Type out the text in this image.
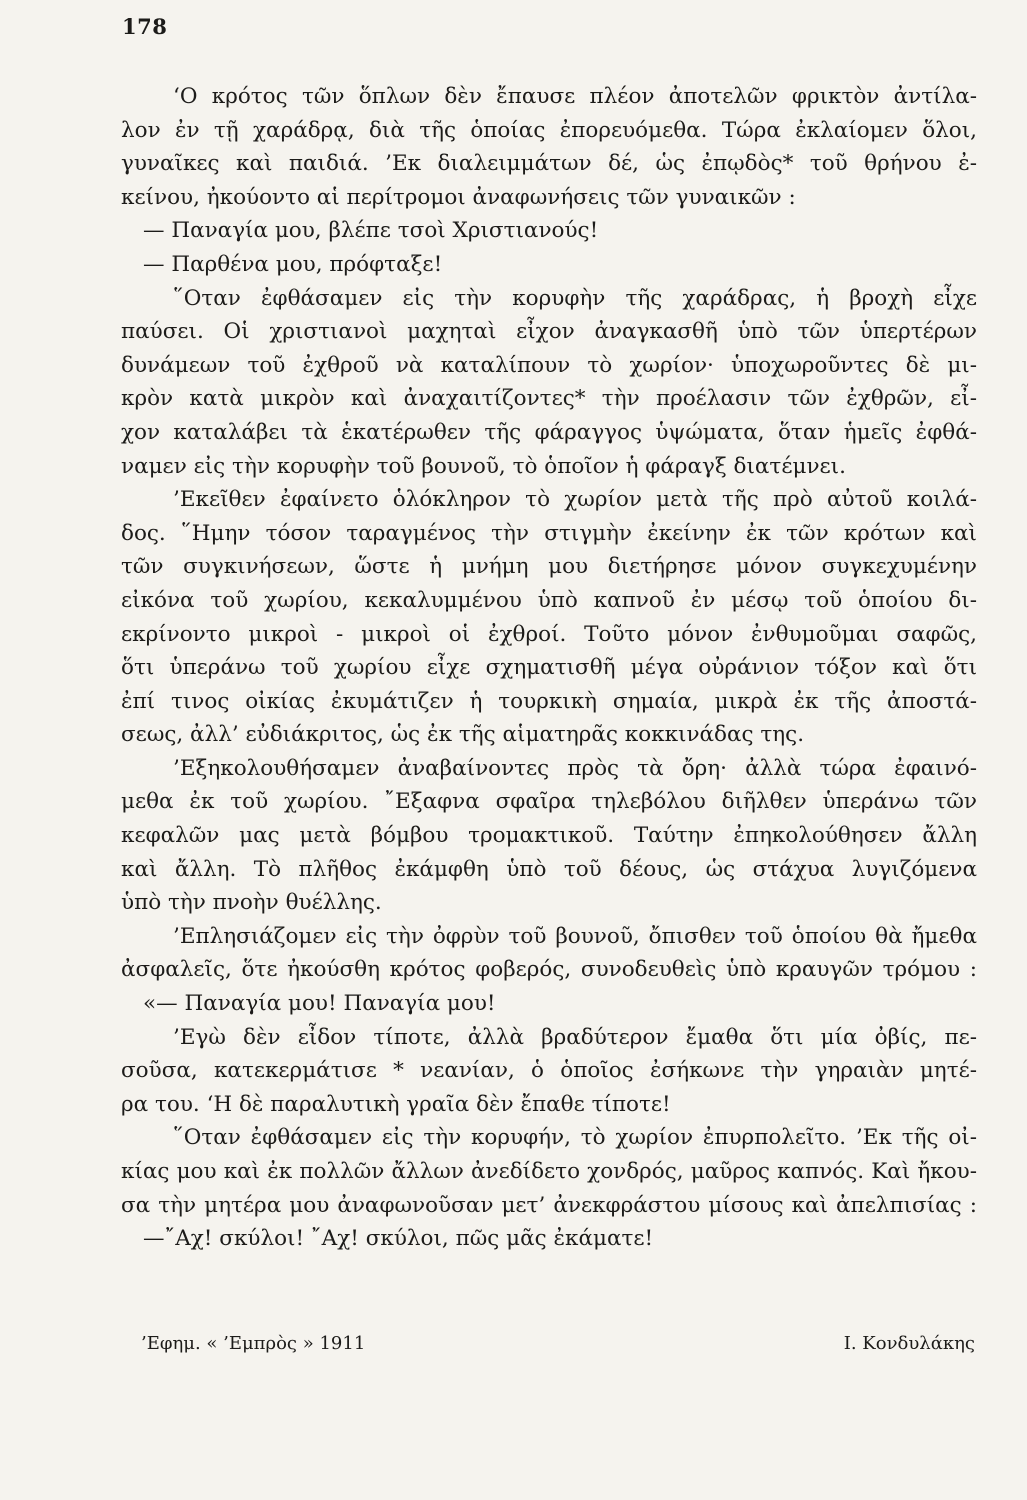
178
‘Ο κρότος τῶν ὅπλων δὲν ἔπαυσε πλέον ἀποτελῶν φρικτὸν ἀντίλα-
λον ἐν τῇ χαράδρᾳ, διὰ τῆς ὁποίας ἐπορευόμεθα. Τώρα ἐκλαίομεν ὅλοι,
γυναῖκες καὶ παιδιά. ’Εκ διαλειμμάτων δέ, ὡς ἐπῳδὸς* τοῦ θρήνου ἐ-
κείνου, ἠκούοντο αἱ περίτρομοι ἀναφωνήσεις τῶν γυναικῶν :
— Παναγία μου, βλέπε τσοὶ Χριστιανούς!
— Παρθένα μου, πρόφταξε!
῞Οταν ἐφθάσαμεν εἰς τὴν κορυφὴν τῆς χαράδρας, ἡ βροχὴ εἶχε
παύσει. Οἱ χριστιανοὶ μαχηταὶ εἶχον ἀναγκασθῆ ὑπὸ τῶν ὑπερτέρων
δυνάμεων τοῦ ἐχθροῦ νὰ καταλίπουν τὸ χωρίον· ὑποχωροῦντες δὲ μι-
κρὸν κατὰ μικρὸν καὶ ἀναχαιτίζοντες* τὴν προέλασιν τῶν ἐχθρῶν, εἶ-
χον καταλάβει τὰ ἑκατέρωθεν τῆς φάραγγος ὑψώματα, ὅταν ἡμεῖς ἐφθά-
ναμεν εἰς τὴν κορυφὴν τοῦ βουνοῦ, τὸ ὁποῖον ἡ φάραγξ διατέμνει.
’Εκεῖθεν ἐφαίνετο ὁλόκληρον τὸ χωρίον μετὰ τῆς πρὸ αὐτοῦ κοιλά-
δος. ῞Ημην τόσον ταραγμένος τὴν στιγμὴν ἐκείνην ἐκ τῶν κρότων καὶ
τῶν συγκινήσεων, ὥστε ἡ μνήμη μου διετήρησε μόνον συγκεχυμένην
εἰκόνα τοῦ χωρίου, κεκαλυμμένου ὑπὸ καπνοῦ ἐν μέσῳ τοῦ ὁποίου δι-
εκρίνοντο μικροὶ - μικροὶ οἱ ἐχθροί. Τοῦτο μόνον ἐνθυμοῦμαι σαφῶς,
ὅτι ὑπεράνω τοῦ χωρίου εἶχε σχηματισθῆ μέγα οὐράνιον τόξον καὶ ὅτι
ἐπί τινος οἰκίας ἐκυμάτιζεν ἡ τουρκικὴ σημαία, μικρὰ ἐκ τῆς ἀποστά-
σεως, ἀλλ’ εὐδιάκριτος, ὡς ἐκ τῆς αἱματηρᾶς κοκκινάδας της.
’Εξηκολουθήσαμεν ἀναβαίνοντες πρὸς τὰ ὄρη· ἀλλὰ τώρα ἐφαινό-
μεθα ἐκ τοῦ χωρίου. ῎Εξαφνα σφαῖρα τηλεβόλου διῆλθεν ὑπεράνω τῶν
κεφαλῶν μας μετὰ βόμβου τρομακτικοῦ. Ταύτην ἐπηκολούθησεν ἄλλη
καὶ ἄλλη. Τὸ πλῆθος ἐκάμφθη ὑπὸ τοῦ δέους, ὡς στάχυα λυγιζόμενα
ὑπὸ τὴν πνοὴν θυέλλης.
’Επλησιάζομεν εἰς τὴν ὀφρὺν τοῦ βουνοῦ, ὄπισθεν τοῦ ὁποίου θὰ ἤμεθα
ἀσφαλεῖς, ὅτε ἠκούσθη κρότος φοβερός, συνοδευθεὶς ὑπὸ κραυγῶν τρόμου :
«— Παναγία μου! Παναγία μου!
’Εγὼ δὲν εἶδον τίποτε, ἀλλὰ βραδύτερον ἔμαθα ὅτι μία ὀβίς, πε-
σοῦσα, κατεκερμάτισε * νεανίαν, ὁ ὁποῖος ἐσήκωνε τὴν γηραιὰν μητέ-
ρα του. ‘Η δὲ παραλυτικὴ γραῖα δὲν ἔπαθε τίποτε!
῞Οταν ἐφθάσαμεν εἰς τὴν κορυφήν, τὸ χωρίον ἐπυρπολεῖτο. ’Εκ τῆς οἰ-
κίας μου καὶ ἐκ πολλῶν ἄλλων ἀνεδίδετο χονδρός, μαῦρος καπνός. Καὶ ἤκου-
σα τὴν μητέρα μου ἀναφωνοῦσαν μετ’ ἀνεκφράστου μίσους καὶ ἀπελπισίας :
—῎Αχ! σκύλοι! ῎Αχ! σκύλοι, πῶς μᾶς ἐκάματε!
’Εφημ. « ’Εμπρὸς » 1911	Ι. Κονδυλάκης
